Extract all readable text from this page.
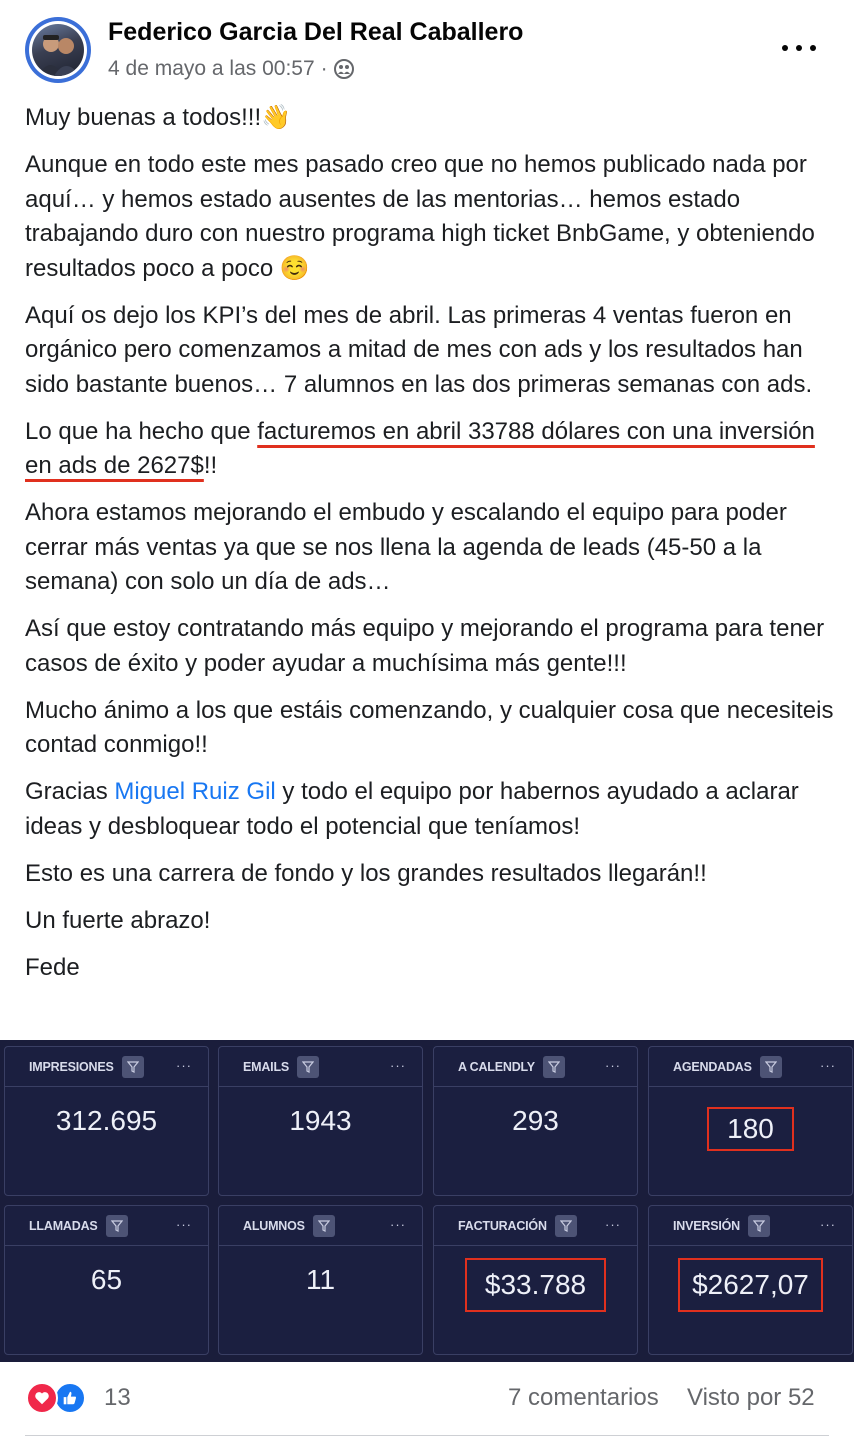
Federico Garcia Del Real Caballero
4 de mayo a las 00:57 ·

Muy buenas a todos!!!👋

Aunque en todo este mes pasado creo que no hemos publicado nada por aquí… y hemos estado ausentes de las mentorias… hemos estado trabajando duro con nuestro programa high ticket BnbGame, y obteniendo resultados poco a poco ☺️

Aquí os dejo los KPI’s del mes de abril. Las primeras 4 ventas fueron en orgánico pero comenzamos a mitad de mes con ads y los resultados han sido bastante buenos… 7 alumnos en las dos primeras semanas con ads.

Lo que ha hecho que facturemos en abril 33788 dólares con una inversión en ads de 2627$!!

Ahora estamos mejorando el embudo y escalando el equipo para poder cerrar más ventas ya que se nos llena la agenda de leads (45-50 a la semana) con solo un día de ads…

Así que estoy contratando más equipo y mejorando el programa para tener casos de éxito y poder ayudar a muchísima más gente!!!

Mucho ánimo a los que estáis comenzando, y cualquier cosa que necesiteis contad conmigo!!

Gracias Miguel Ruiz Gil y todo el equipo por habernos ayudado a aclarar ideas y desbloquear todo el potencial que teníamos!

Esto es una carrera de fondo y los grandes resultados llegarán!!

Un fuerte abrazo!

Fede

IMPRESIONES	···
312.695
EMAILS	···
1943
A CALENDLY	···
293
AGENDADAS	···
180
LLAMADAS	···
65
ALUMNOS	···
11
FACTURACIÓN	···
$33.788
INVERSIÓN	···
$2627,07
13	7 comentarios Visto por 52
